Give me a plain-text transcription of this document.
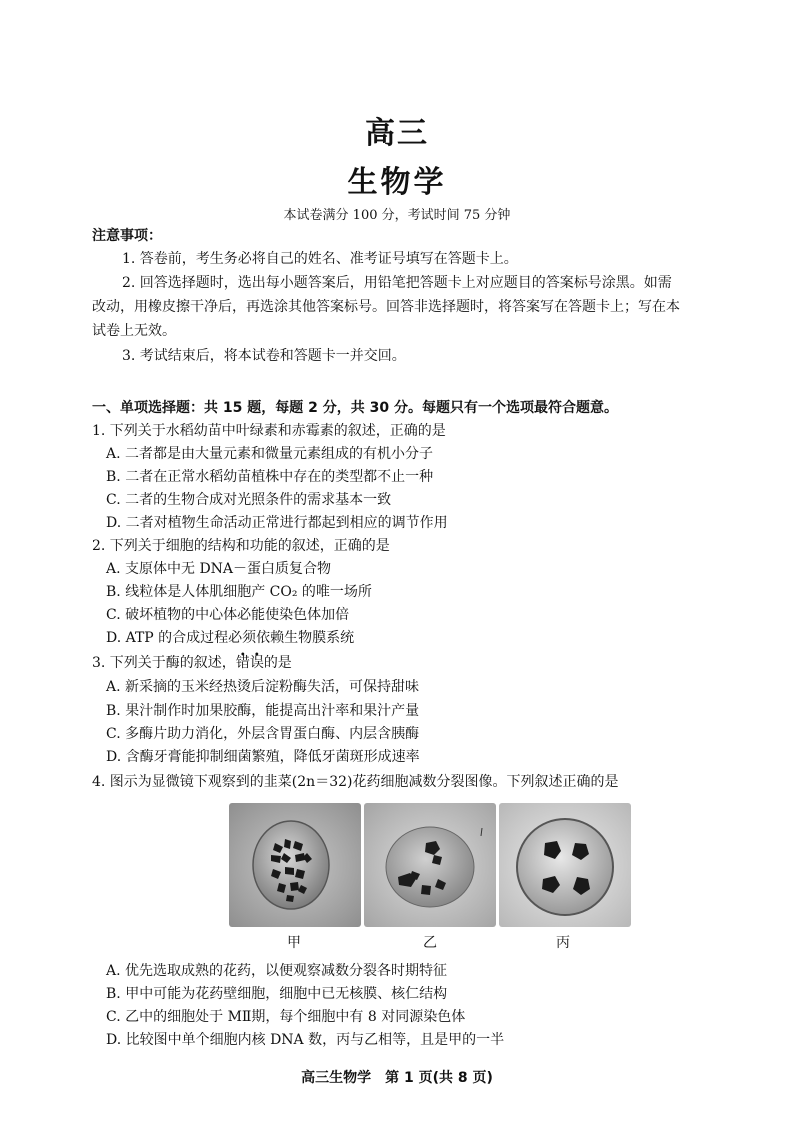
高三
生物学
本试卷满分 100 分，考试时间 75 分钟
注意事项：
1. 答卷前，考生务必将自己的姓名、准考证号填写在答题卡上。
2. 回答选择题时，选出每小题答案后，用铅笔把答题卡上对应题目的答案标号涂黑。如需
改动，用橡皮擦干净后，再选涂其他答案标号。回答非选择题时，将答案写在答题卡上；写在本
试卷上无效。
3. 考试结束后，将本试卷和答题卡一并交回。
一、单项选择题：共 15 题，每题 2 分，共 30 分。每题只有一个选项最符合题意。
1. 下列关于水稻幼苗中叶绿素和赤霉素的叙述，正确的是
A. 二者都是由大量元素和微量元素组成的有机小分子
B. 二者在正常水稻幼苗植株中存在的类型都不止一种
C. 二者的生物合成对光照条件的需求基本一致
D. 二者对植物生命活动正常进行都起到相应的调节作用
2. 下列关于细胞的结构和功能的叙述，正确的是
A. 支原体中无 DNA－蛋白质复合物
B. 线粒体是人体肌细胞产 CO₂ 的唯一场所
C. 破坏植物的中心体必能使染色体加倍
D. ATP 的合成过程必须依赖生物膜系统
3. 下列关于酶的叙述，错误的是
A. 新采摘的玉米经热烫后淀粉酶失活，可保持甜味
B. 果汁制作时加果胶酶，能提高出汁率和果汁产量
C. 多酶片助力消化，外层含胃蛋白酶、内层含胰酶
D. 含酶牙膏能抑制细菌繁殖，降低牙菌斑形成速率
4. 图示为显微镜下观察到的韭菜(2n＝32)花药细胞减数分裂图像。下列叙述正确的是
甲	乙	丙
A. 优先选取成熟的花药，以便观察减数分裂各时期特征
B. 甲中可能为花药壁细胞，细胞中已无核膜、核仁结构
C. 乙中的细胞处于 MⅡ期，每个细胞中有 8 对同源染色体
D. 比较图中单个细胞内核 DNA 数，丙与乙相等，且是甲的一半
高三生物学　第 1 页(共 8 页)
